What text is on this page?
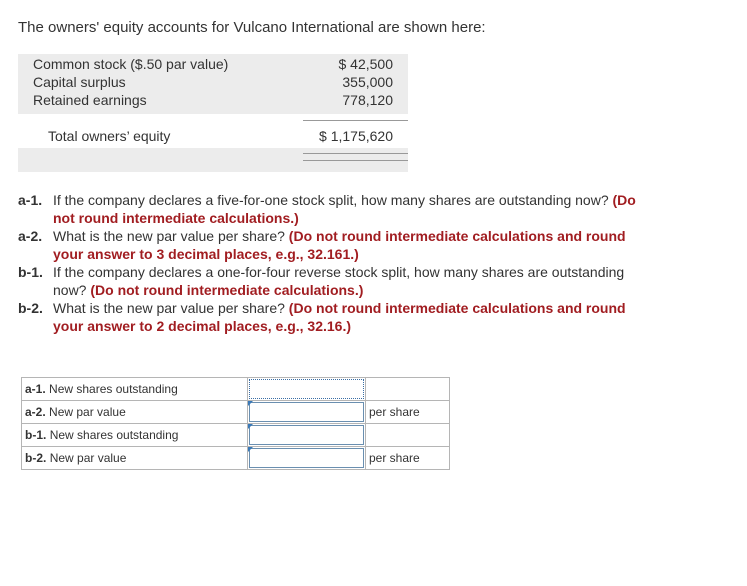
The owners' equity accounts for Vulcano International are shown here:
Common stock ($.50 par value)	$ 42,500
Capital surplus	355,000
Retained earnings	778,120
Total owners’ equity	$ 1,175,620
a-1. If the company declares a five-for-one stock split, how many shares are outstanding now? (Do not round intermediate calculations.)
a-2. What is the new par value per share? (Do not round intermediate calculations and round your answer to 3 decimal places, e.g., 32.161.)
b-1. If the company declares a one-for-four reverse stock split, how many shares are outstanding now? (Do not round intermediate calculations.)
b-2. What is the new par value per share? (Do not round intermediate calculations and round your answer to 2 decimal places, e.g., 32.16.)
a-1. New shares outstanding	

a-2. New par value		per share
b-1. New shares outstanding	

b-2. New par value		per share
